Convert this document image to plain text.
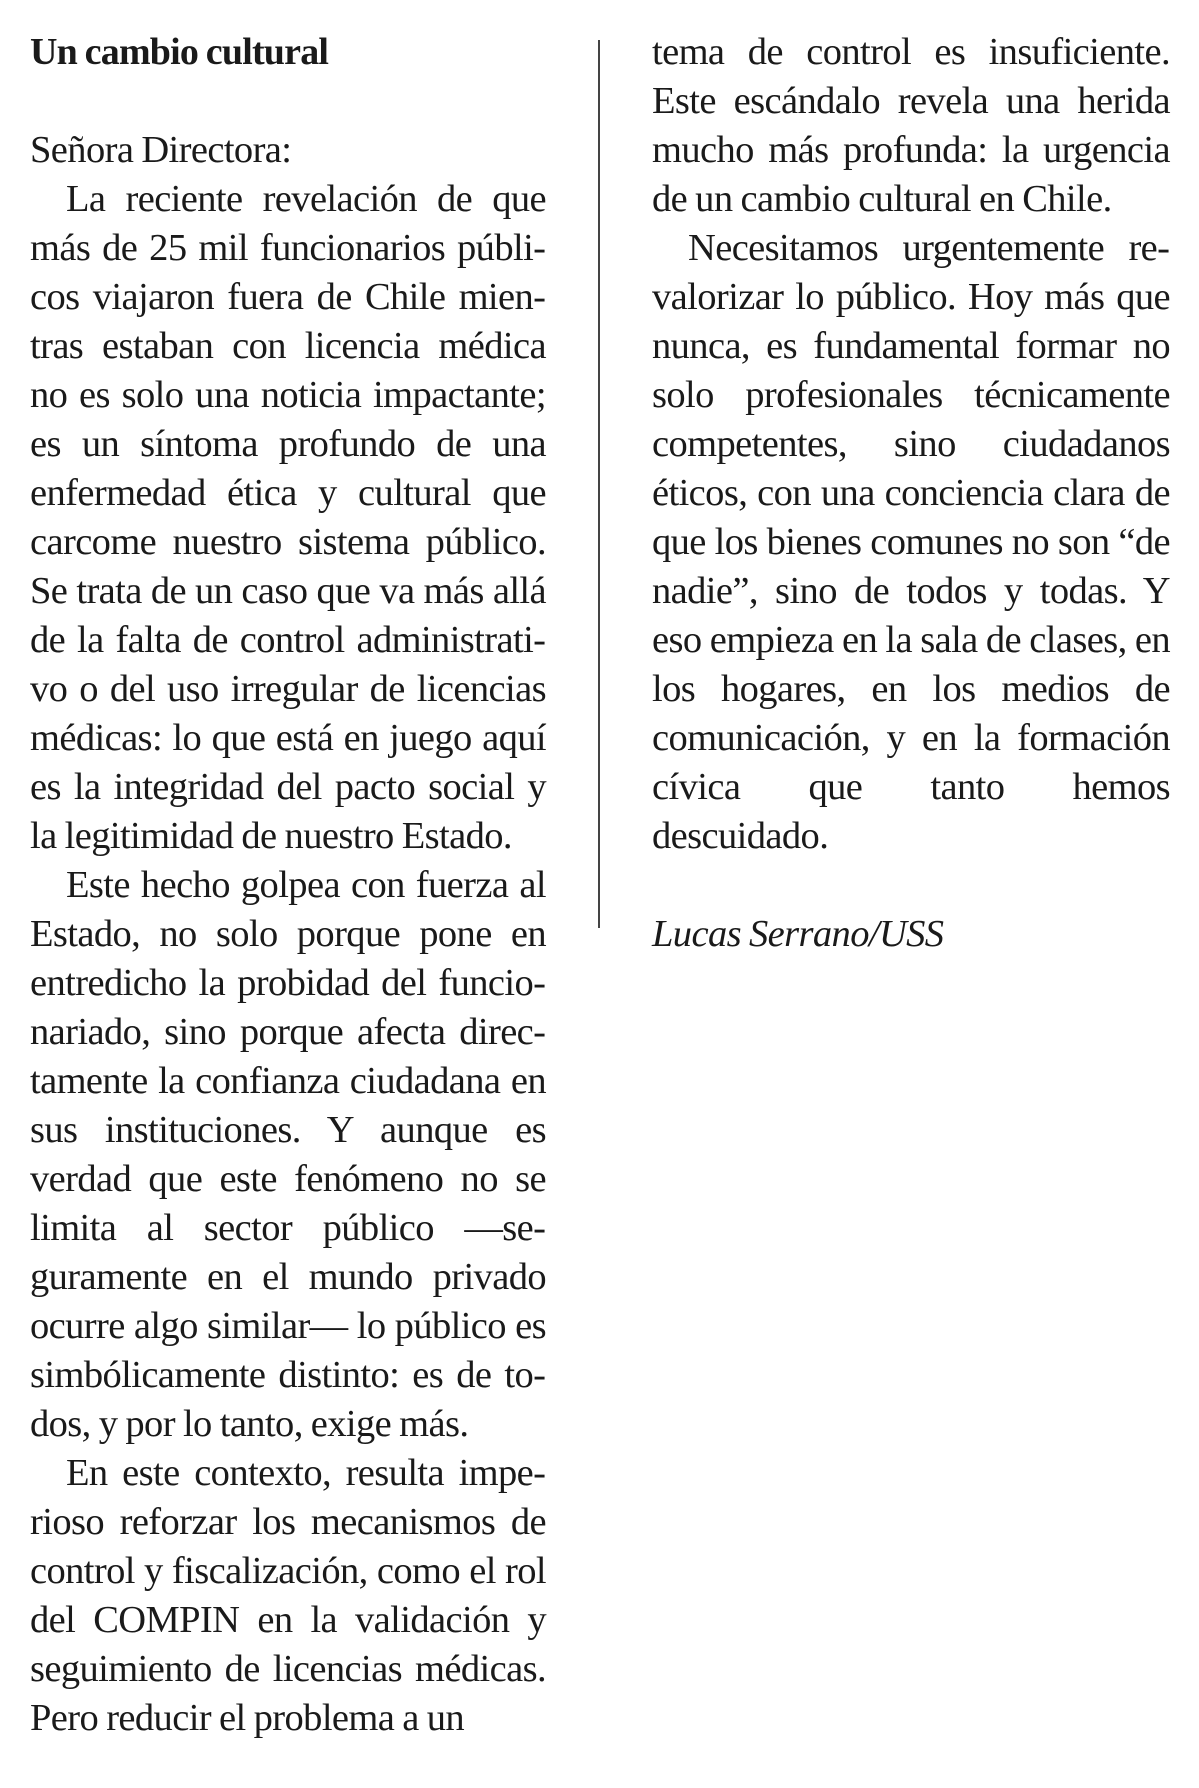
Un cambio cultural

Señora Directora:

La reciente revelación de que más de 25 mil funcionarios públicos viajaron fuera de Chile mientras estaban con licencia médica no es solo una noticia impactante; es un síntoma profundo de una enfermedad ética y cultural que carcome nuestro sistema público. Se trata de un caso que va más allá de la falta de control administrativo o del uso irregular de licencias médicas: lo que está en juego aquí es la integridad del pacto social y la legitimidad de nuestro Estado.

Este hecho golpea con fuerza al Estado, no solo porque pone en entredicho la probidad del funcionariado, sino porque afecta directamente la confianza ciudadana en sus instituciones. Y aunque es verdad que este fenómeno no se limita al sector público —seguramente en el mundo privado ocurre algo similar— lo público es simbólicamente distinto: es de todos, y por lo tanto, exige más.

En este contexto, resulta imperioso reforzar los mecanismos de control y fiscalización, como el rol del COMPIN en la validación y seguimiento de licencias médicas. Pero reducir el problema a un

tema de control es insuficiente. Este escándalo revela una herida mucho más profunda: la urgencia de un cambio cultural en Chile.

Necesitamos urgentemente revalorizar lo público. Hoy más que nunca, es fundamental formar no solo profesionales técnicamente competentes, sino ciudadanos éticos, con una conciencia clara de que los bienes comunes no son “de nadie”, sino de todos y todas. Y eso empieza en la sala de clases, en los hogares, en los medios de comunicación, y en la formación cívica que tanto hemos descuidado.

Lucas Serrano/USS
